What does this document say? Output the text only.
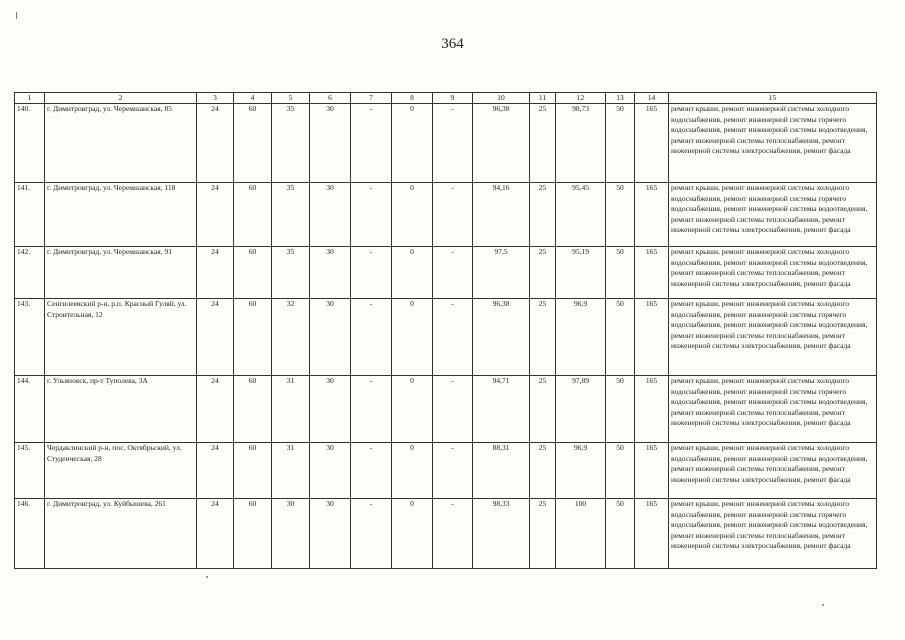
364
1	2	3	4	5	6	7	8	9	10	11	12	13	14	15
140.	г. Димитровград, ул. Черемшанская, 85	24	60	35	30	-	0	-	96,38	25	98,73	50	165	ремонт крыши, ремонт инженерной системы холодного водоснабжения, ремонт инженерной системы горячего водоснабжения, ремонт инженерной системы водоотведения, ремонт инженерной системы теплоснабжения, ремонт инженерной системы электроснабжения, ремонт фасада
141.	г. Димитровград, ул. Черемшанская, 118	24	60	35	30	-	0	-	94,16	25	95,45	50	165	ремонт крыши, ремонт инженерной системы холодного водоснабжения, ремонт инженерной системы горячего водоснабжения, ремонт инженерной системы водоотведения, ремонт инженерной системы теплоснабжения, ремонт инженерной системы электроснабжения, ремонт фасада
142.	г. Димитровград, ул. Черемшанская, 91	24	60	35	30	-	0	-	97,5	25	95,19	50	165	ремонт крыши, ремонт инженерной системы холодного водоснабжения, ремонт инженерной системы водоотведения, ремонт инженерной системы теплоснабжения, ремонт инженерной системы электроснабжения, ремонт фасада
143.	Сенгилеевский р-н, р.п. Красный Гуляй, ул. Строительная, 12	24	60	32	30	-	0	-	96,38	25	96,9	50	165	ремонт крыши, ремонт инженерной системы холодного водоснабжения, ремонт инженерной системы горячего водоснабжения, ремонт инженерной системы водоотведения, ремонт инженерной системы теплоснабжения, ремонт инженерной системы электроснабжения, ремонт фасада
144.	г. Ульяновск, пр-т Туполева, 3А	24	60	31	30	-	0	-	94,71	25	97,89	50	165	ремонт крыши, ремонт инженерной системы холодного водоснабжения, ремонт инженерной системы горячего водоснабжения, ремонт инженерной системы водоотведения, ремонт инженерной системы теплоснабжения, ремонт инженерной системы электроснабжения, ремонт фасада
145.	Чердаклинский р-н, пос. Октябрьский, ул. Студенческая, 28	24	60	31	30	-	0	-	88,31	25	96,9	50	165	ремонт крыши, ремонт инженерной системы холодного водоснабжения, ремонт инженерной системы водоотведения, ремонт инженерной системы теплоснабжения, ремонт инженерной системы электроснабжения, ремонт фасада
146.	г. Димитровград, ул. Куйбышева, 261	24	60	30	30	-	0	-	98,33	25	100	50	165	ремонт крыши, ремонт инженерной системы холодного водоснабжения, ремонт инженерной системы горячего водоснабжения, ремонт инженерной системы водоотведения, ремонт инженерной системы теплоснабжения, ремонт инженерной системы электроснабжения, ремонт фасада
